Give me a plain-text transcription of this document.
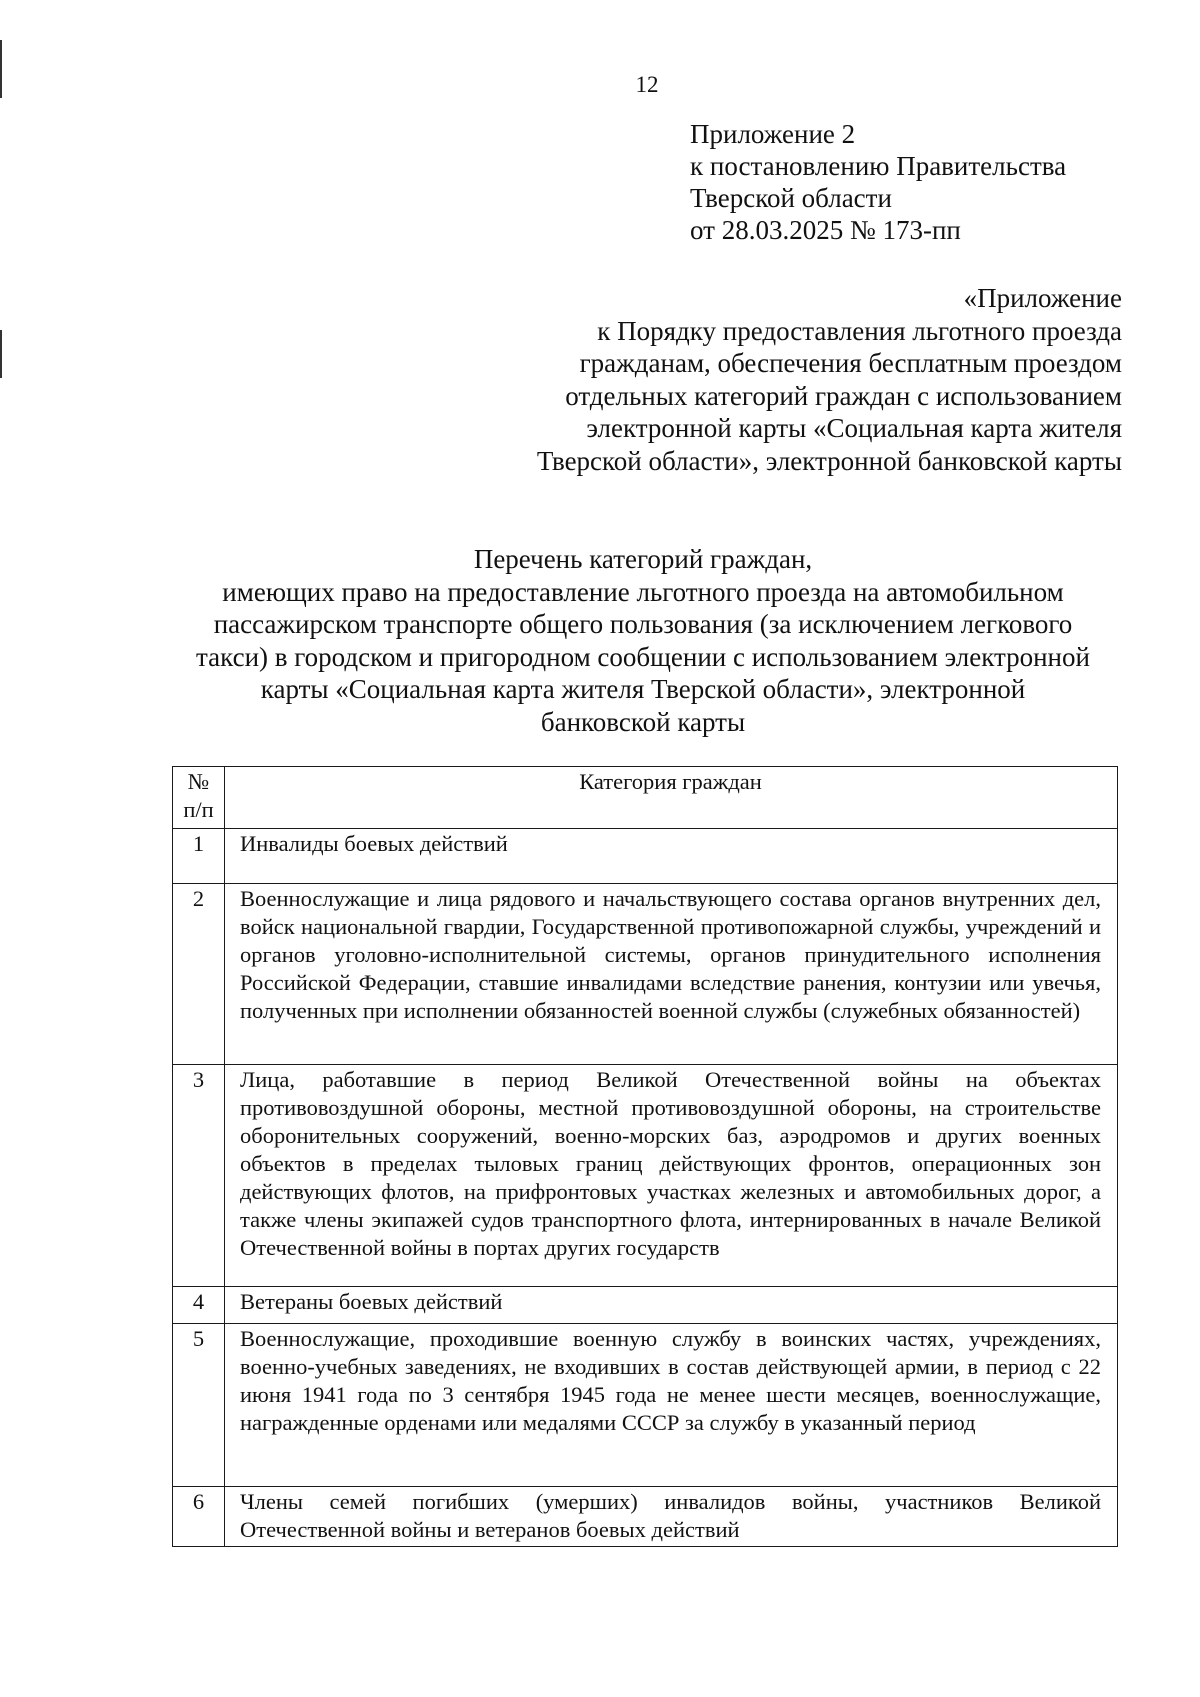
12
Приложение 2
к постановлению Правительства
Тверской области
от 28.03.2025 № 173-пп
«Приложение
к Порядку предоставления льготного проезда
гражданам, обеспечения бесплатным проездом
отдельных категорий граждан с использованием
электронной карты «Социальная карта жителя
Тверской области», электронной банковской карты
Перечень категорий граждан,
имеющих право на предоставление льготного проезда на автомобильном
пассажирском транспорте общего пользования (за исключением легкового
такси) в городском и пригородном сообщении с использованием электронной
карты «Социальная карта жителя Тверской области», электронной
банковской карты
№
п/п	Категория граждан
1	Инвалиды боевых действий
2	Военнослужащие и лица рядового и начальствующего состава органов внутренних дел, войск национальной гвардии, Государственной противопожарной службы, учреждений и органов уголовно-исполнительной системы, органов принудительного исполнения Российской Федерации, ставшие инвалидами вследствие ранения, контузии или увечья, полученных при исполнении обязанностей военной службы (служебных обязанностей)
3	Лица, работавшие в период Великой Отечественной войны на объектах противовоздушной обороны, местной противовоздушной обороны, на строительстве оборонительных сооружений, военно-морских баз, аэродромов и других военных объектов в пределах тыловых границ действующих фронтов, операционных зон действующих флотов, на прифронтовых участках железных и автомобильных дорог, а также члены экипажей судов транспортного флота, интернированных в начале Великой Отечественной войны в портах других государств
4	Ветераны боевых действий
5	Военнослужащие, проходившие военную службу в воинских частях, учреждениях, военно-учебных заведениях, не входивших в состав действующей армии, в период с 22 июня 1941 года по 3 сентября 1945 года не менее шести месяцев, военнослужащие, награжденные орденами или медалями СССР за службу в указанный период
6	Члены семей погибших (умерших) инвалидов войны, участников Великой Отечественной войны и ветеранов боевых действий
